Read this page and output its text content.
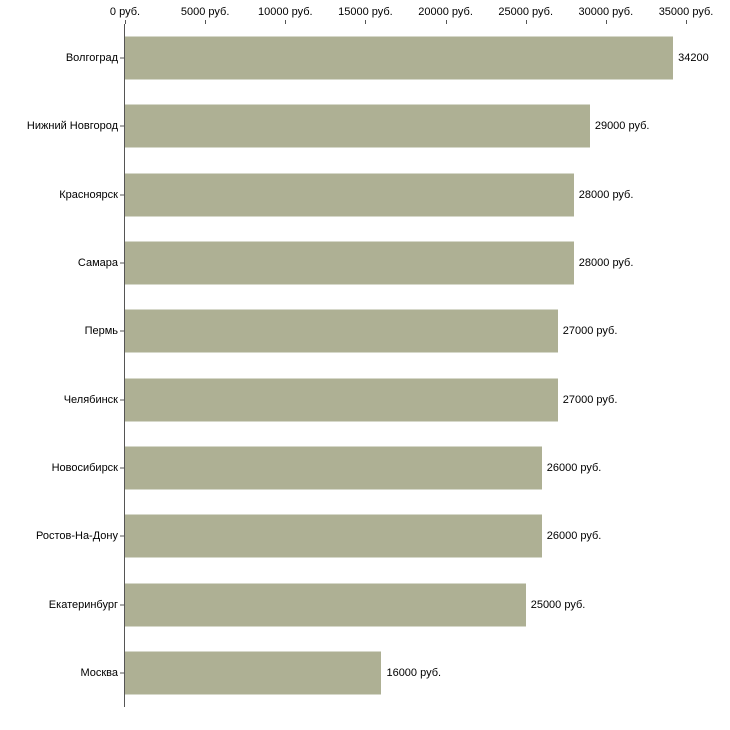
0 руб.	5000 руб.	10000 руб. 15000 руб. 20000 руб. 25000 руб. 30000 руб. 35000 руб.
Волгоград	34200
Нижний Новгород	29000 руб.
Красноярск	28000 руб.
Самара	28000 руб.
Пермь	27000 руб.
Челябинск	27000 руб.
Новосибирск	26000 руб.
Ростов-На-Дону	26000 руб.
Екатеринбург	25000 руб.
Москва	16000 руб.
